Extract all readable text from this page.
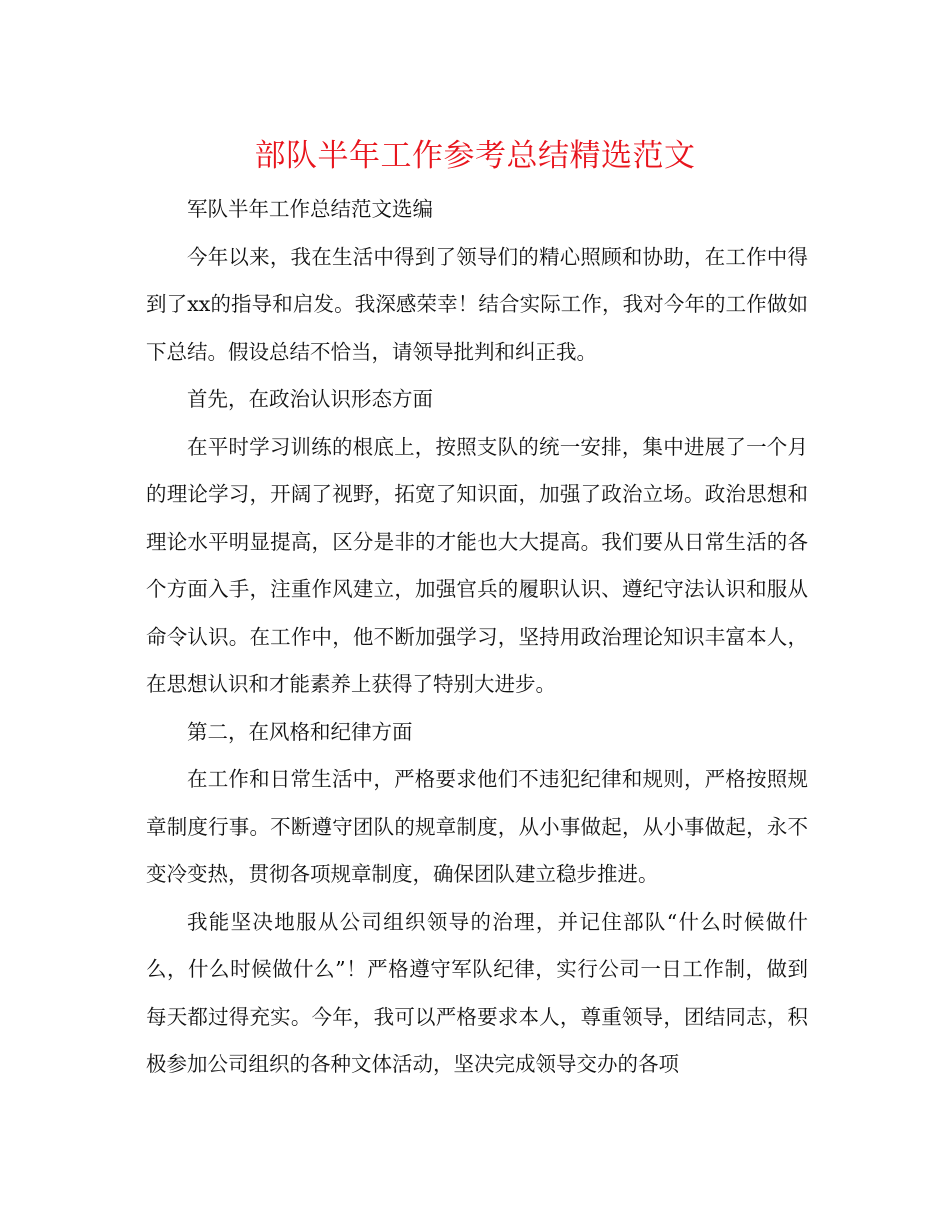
部队半年工作参考总结精选范文

军队半年工作总结范文选编

今年以来，我在生活中得到了领导们的精心照顾和协助，在工作中得到了xx的指导和启发。我深感荣幸！结合实际工作，我对今年的工作做如下总结。假设总结不恰当，请领导批判和纠正我。

首先，在政治认识形态方面

在平时学习训练的根底上，按照支队的统一安排，集中进展了一个月的理论学习，开阔了视野，拓宽了知识面，加强了政治立场。政治思想和理论水平明显提高，区分是非的才能也大大提高。我们要从日常生活的各个方面入手，注重作风建立，加强官兵的履职认识、遵纪守法认识和服从命令认识。在工作中，他不断加强学习，坚持用政治理论知识丰富本人，在思想认识和才能素养上获得了特别大进步。

第二，在风格和纪律方面

在工作和日常生活中，严格要求他们不违犯纪律和规则，严格按照规章制度行事。不断遵守团队的规章制度，从小事做起，从小事做起，永不变冷变热，贯彻各项规章制度，确保团队建立稳步推进。

我能坚决地服从公司组织领导的治理，并记住部队“什么时候做什么，什么时候做什么”！严格遵守军队纪律，实行公司一日工作制，做到每天都过得充实。今年，我可以严格要求本人，尊重领导，团结同志，积极参加公司组织的各种文体活动，坚决完成领导交办的各项
